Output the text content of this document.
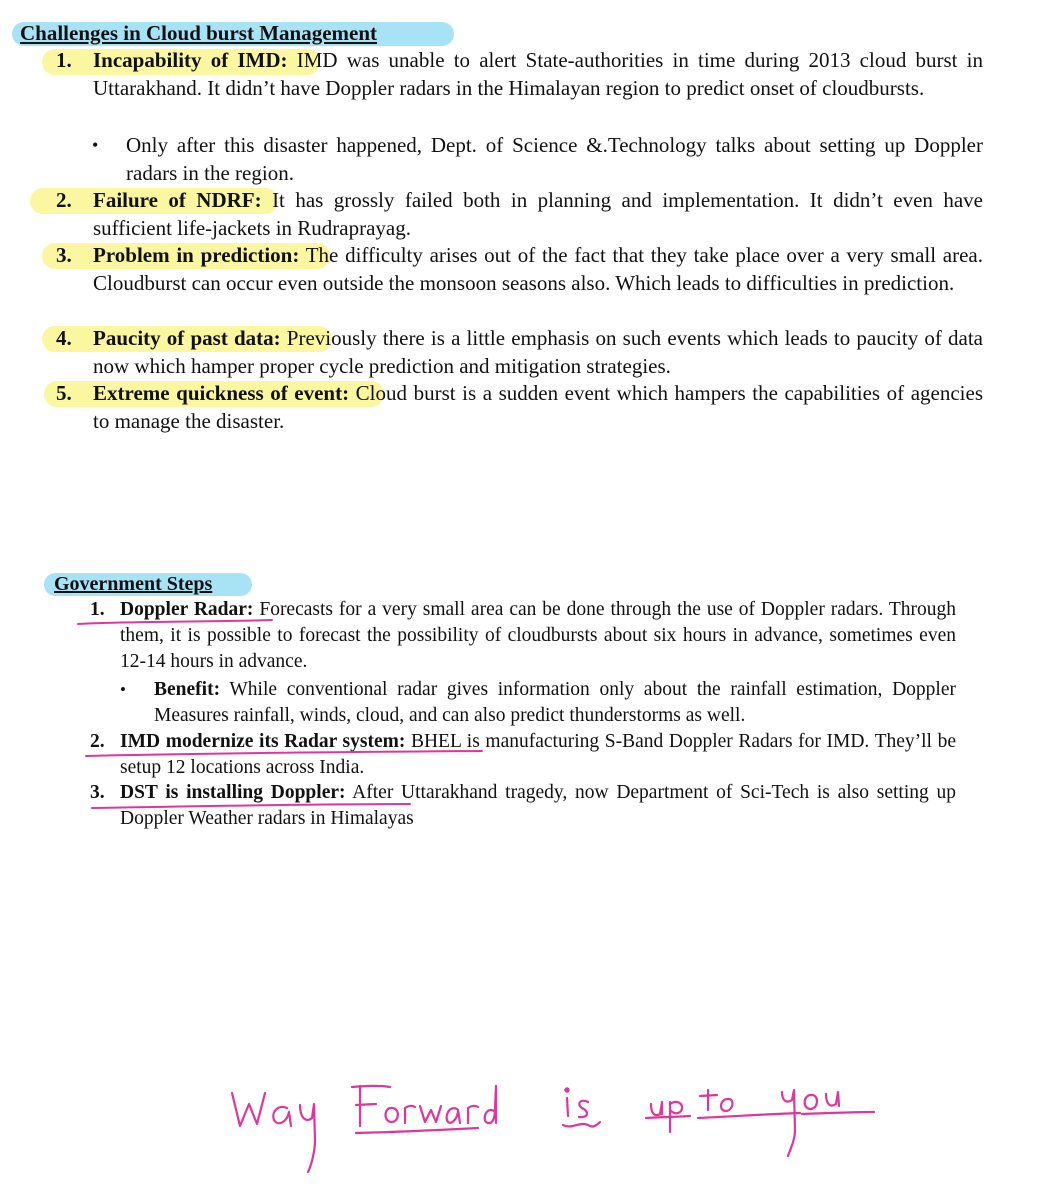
Challenges in Cloud burst Management
1. Incapability of IMD: IMD was unable to alert State-authorities in time during 2013 cloud burst in Uttarakhand. It didn’t have Doppler radars in the Himalayan region to predict onset of cloudbursts.
• Only after this disaster happened, Dept. of Science &.Technology talks about setting up Doppler radars in the region.
2. Failure of NDRF: It has grossly failed both in planning and implementation. It didn’t even have sufficient life-jackets in Rudraprayag.
3. Problem in prediction: The difficulty arises out of the fact that they take place over a very small area. Cloudburst can occur even outside the monsoon seasons also. Which leads to difficulties in prediction.
4. Paucity of past data: Previously there is a little emphasis on such events which leads to paucity of data now which hamper proper cycle prediction and mitigation strategies.
5. Extreme quickness of event: Cloud burst is a sudden event which hampers the capabilities of agencies to manage the disaster.
Government Steps
1. Doppler Radar: Forecasts for a very small area can be done through the use of Doppler radars. Through them, it is possible to forecast the possibility of cloudbursts about six hours in advance, sometimes even 12-14 hours in advance.
• Benefit: While conventional radar gives information only about the rainfall estimation, Doppler Measures rainfall, winds, cloud, and can also predict thunderstorms as well.
2. IMD modernize its Radar system: BHEL is manufacturing S-Band Doppler Radars for IMD. They’ll be setup 12 locations across India.
3. DST is installing Doppler: After Uttarakhand tragedy, now Department of Sci-Tech is also setting up Doppler Weather radars in Himalayas
